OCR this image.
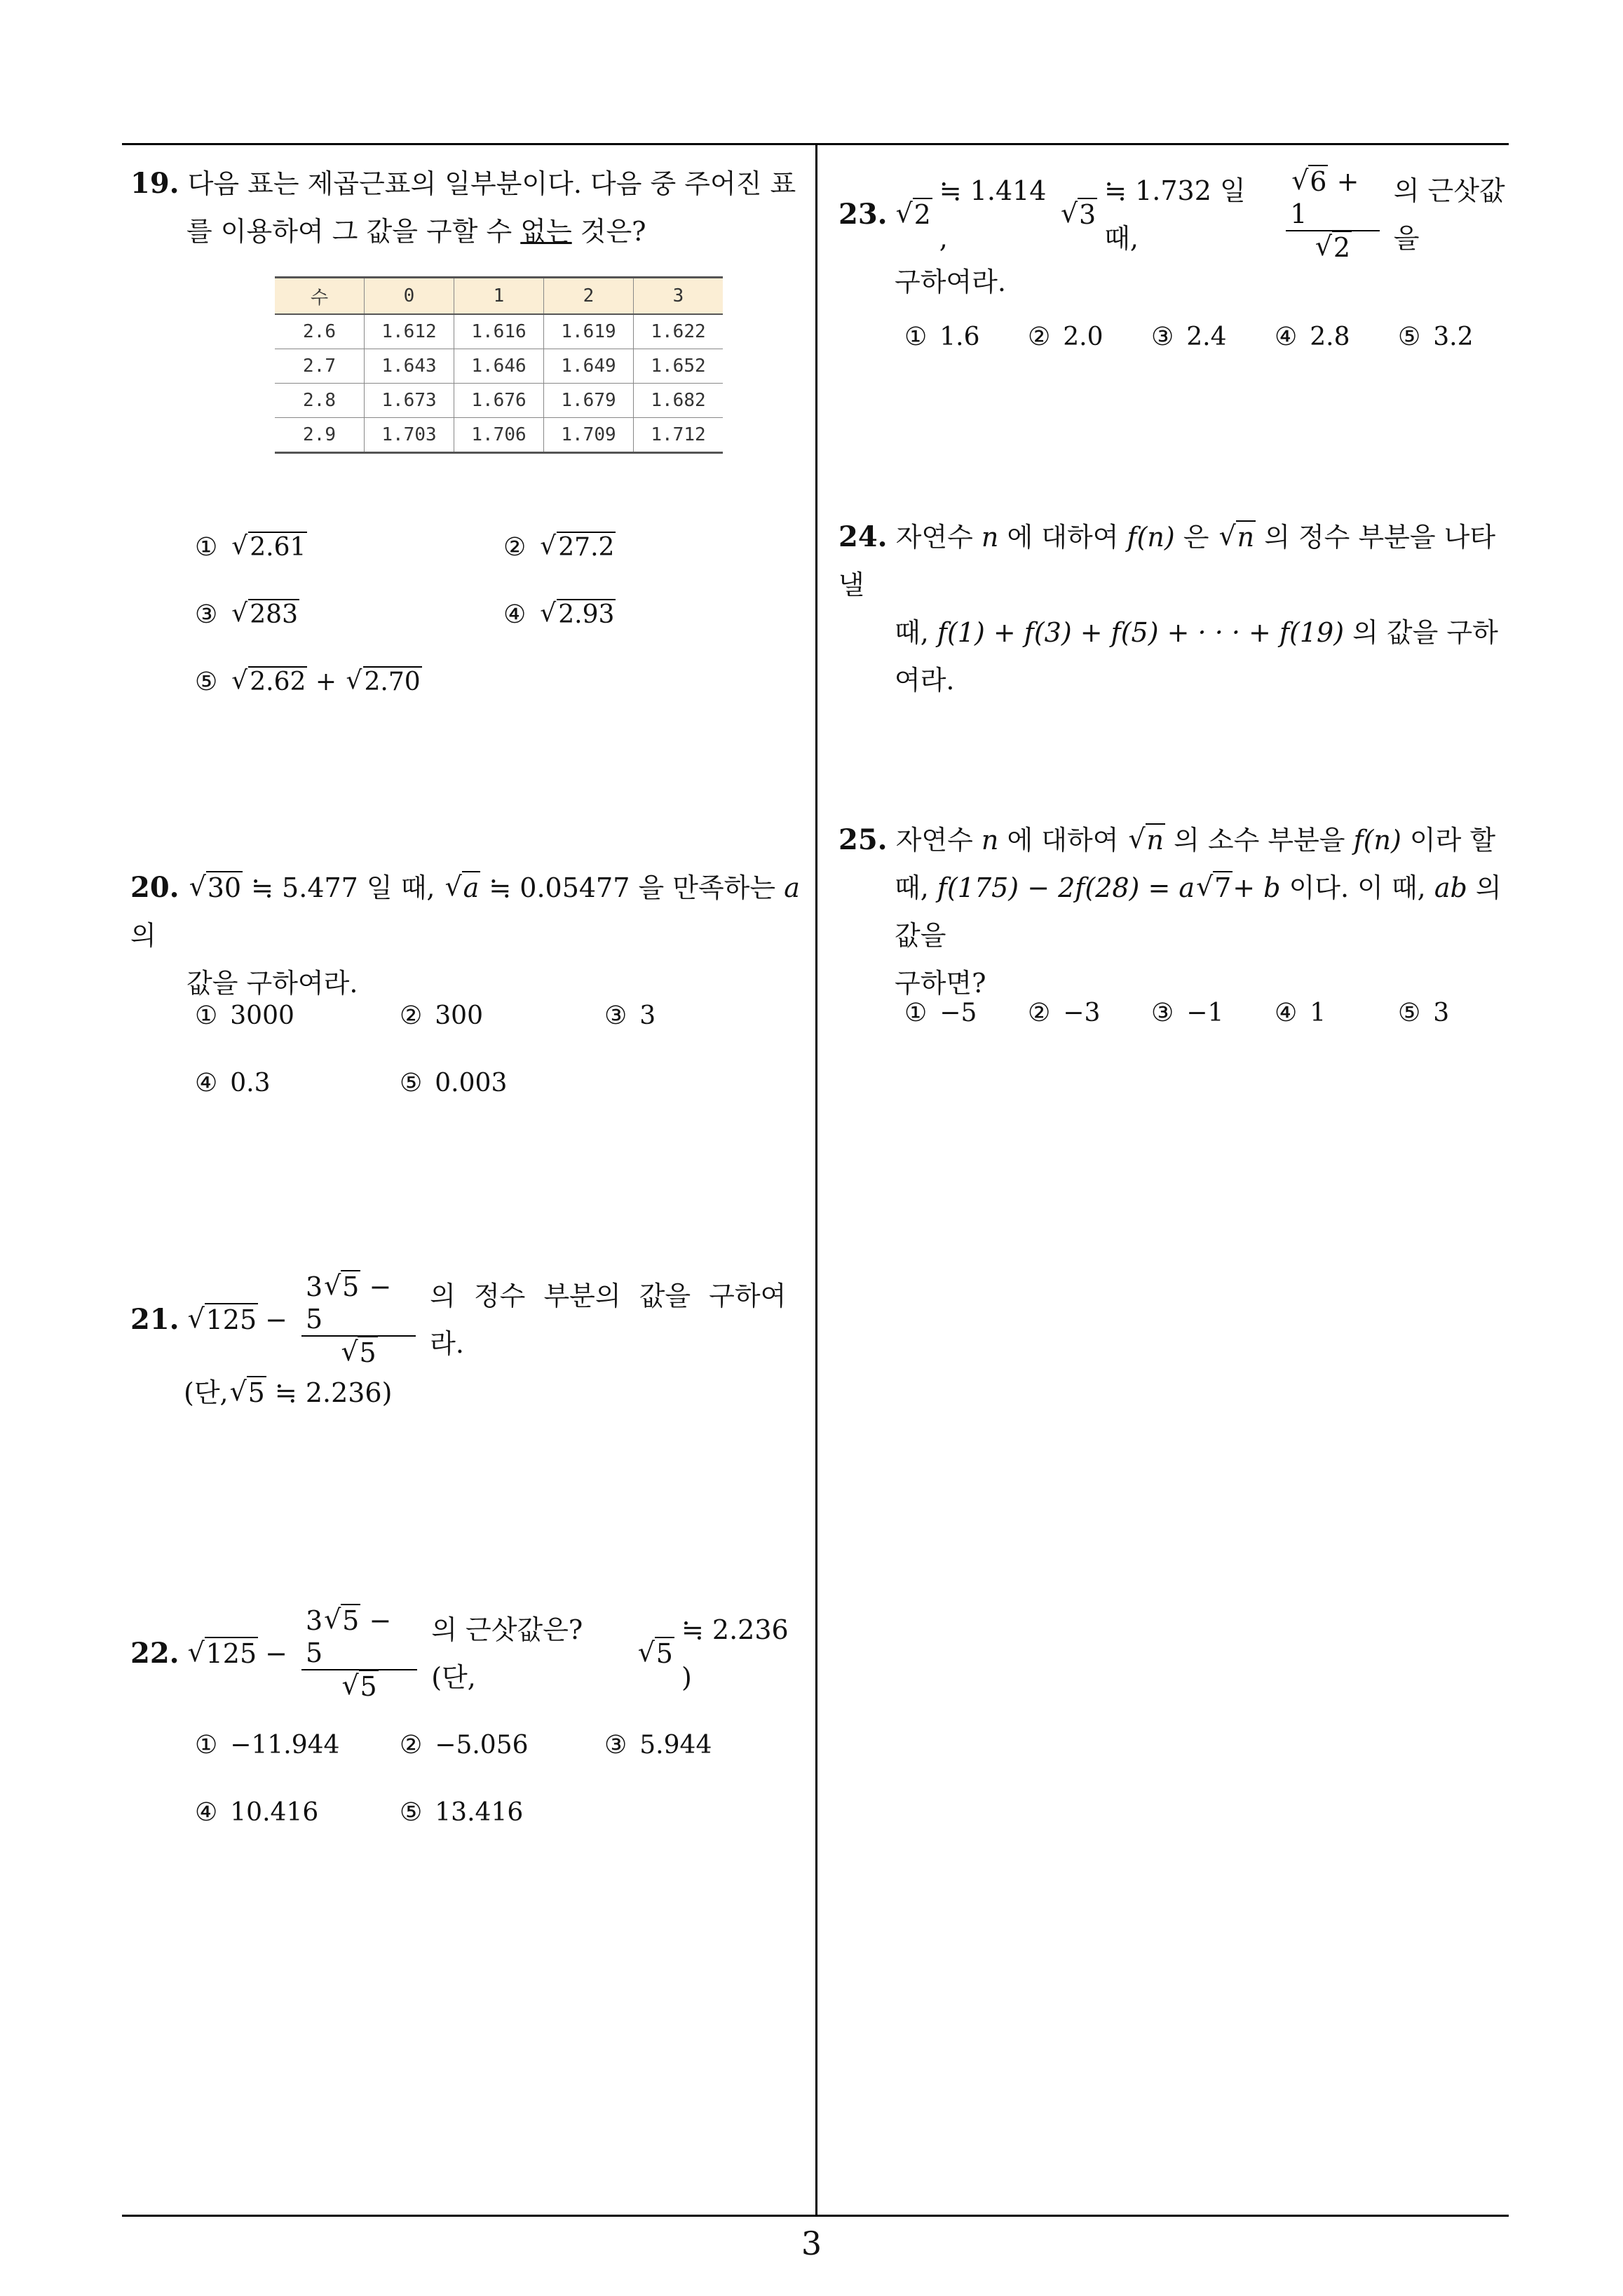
19. 다음 표는 제곱근표의 일부분이다. 다음 중 주어진 표
를 이용하여 그 값을 구할 수 없는 것은?
수	0	1	2	3
2.6	1.612	1.616	1.619	1.622
2.7	1.643	1.646	1.649	1.652
2.8	1.673	1.676	1.679	1.682
2.9	1.703	1.706	1.709	1.712
① √ 2.61	② √ 27.2
③ √ 283	④ √ 2.93
⑤ √ 2.62 + √ 2.70
20. √ 30 ≒ 5.477 일 때, √ a ≒ 0.05477 을 만족하는 a 의
값을 구하여라.
① 3000	② 300	③ 3
④ 0.3	⑤ 0.003
21.	√ 125 − 3 √ 5 − 5
√ 5 의 정수 부분의 값을 구하여라.
(단, √ 5 ≒ 2.236)
22.	√ 125 − 3 √ 5 − 5
√ 5 의 근삿값은? (단,
√ 5
≒ 2.236 )
① −11.944 ② −5.056	③ 5.944
④ 10.416	⑤ 13.416
23.	√ 2
≒ 1.414 ,
√ 3
≒ 1.732 일 때,	√ 6 + 1
√ 2 의 근삿값을
구하여라.
① 1.6 ② 2.0 ③ 2.4 ④ 2.8 ⑤ 3.2
24. 자연수 n 에 대하여 f(n) 은 √ n 의 정수 부분을 나타낼
때, f(1) + f(3) + f(5) + · · · + f(19) 의 값을 구하여라.
25. 자연수 n 에 대하여 √ n 의 소수 부분을 f(n) 이라 할
때, f(175) − 2f(28) = a √ 7+ b 이다. 이 때, ab 의 값을
구하면?
① −5 ② −3 ③ −1 ④ 1	⑤ 3
3
